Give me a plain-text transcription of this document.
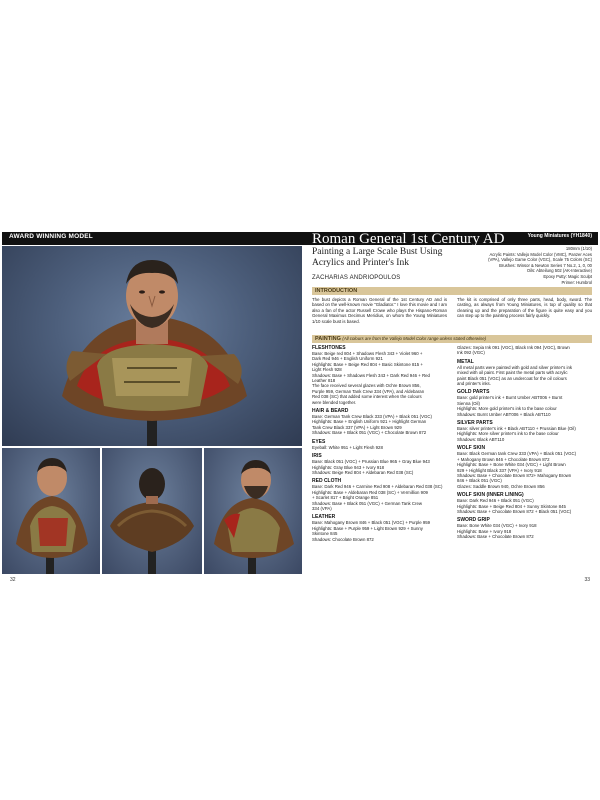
AWARD WINNING MODEL
32
Roman General 1st Century AD	Young Miniatures (YH1840)
180mm (1/10)
Acrylic Paints: Vallejo Model Color (VMC), Panzer Aces
(VPA), Vallejo Game Color (VGC), Scale 75 Colors (SC)
Brushes: Winsor & Newton Series 7 No.2, 1, 0, 00
Oils: Abteilung 502 (AK-Interactive)
Epoxy Putty: Magic Sculpt
Primer: Humbrol
Painting a Large Scale Bust Using Acrylics and Printer's Ink
ZACHARIAS ANDRIOPOULOS
INTRODUCTION
The bust depicts a Roman General of the 1st Century AD and is based on the well-known movie "Gladiator." I love this movie and I am also a fan of the actor Russell Crowe who plays the Hispano-Roman General Maximus Decimus Meridius, on whom the Young Miniatures 1/10 scale bust is based.
The kit is comprised of only three parts, head, body, sword. The casting, as always from Young Miniatures, is top of quality so that cleaning up and the preparation of the figure is quite easy and you can step up to the painting process fairly quickly.
PAINTING (All colours are from the Vallejo Model Color range unless stated otherwise)
FLESHTONES
Base: Beige red 804 + Shadows Flesh 343 + Violet 960 +
Dark Red 946 + English Uniform 921
Highlights: Base + Beige Red 804 + Basic Skintone 815 +
Light Flesh 928
Shadows: Base + Shadows Flesh 343 + Dark Red 946 + Red
Leather 818
The face received several glazes with Ochre Brown 856,
Purple 959, German Tank Crew 334 (VPA), and Aldebaran
Red 038 (SC) that added some interest when the colours
were blended together.
HAIR & BEARD
Base: German Tank Crew Black 333 (VPA) + Black 051 (VGC)
Highlights: Base + English Uniform 921 + Highlight German
Tank Crew Black 337 (VPA) + Light Brown 929
Shadows: Base + Black 051 (VGC) + Chocolate Brown 872
EYES
Eyeball: White 951 + Light Flesh 928
IRIS
Base: Black 051 (VGC) + Prussian Blue 965 + Gray Blue 943
Highlights: Gray Blue 943 + Ivory 918
Shadows: Beige Red 804 + Aldebaran Red 038 (SC)
RED CLOTH
Base: Dark Red 946 + Carmine Red 908 + Aldebaran Red 038 (SC)
Highlights: Base + Aldebaran Red 038 (SC) + Vermillion 909
+ Scarlet 817 + Bright Orange 851
Shadows: Base + Black 051 (VGC) + German Tank Crew
334 (VPA)
LEATHER
Base: Mahogany Brown 846 + Black 051 (VGC) + Purple 959
Highlights: Base + Purple 959 + Light Brown 929 + Sunny
Skintone 845
Shadows: Chocolate Brown 872
Glazes: Sepia Ink 091 (VGC), Black Ink 094 (VGC), Brown
Ink 092 (VGC)
METAL
All metal parts were painted with gold and silver printer's ink
mixed with oil paint. First paint the metal parts with acrylic
paint Black 051 (VGC) as an undercoat for the oil colours
and printer's inks.
GOLD PARTS
Base: gold printer's ink + Burnt Umber ABT006 + Burnt
Sienna (Oil)
Highlights: More gold printer's ink to the base colour
Shadows: Burnt Umber ABT006 + Black ABT110
SILVER PARTS
Base: silver printer's ink + Black ABT110 + Prussian Blue (Oil)
Highlights: More silver printer's ink to the base colour
Shadows: Black ABT110
WOLF SKIN
Base: Black German tank Crew 333 (VPA) + Black 051 (VGC)
+ Mahogany Brown 846 + Chocolate Brown 872
Highlights: Base + Bone White 034 (VGC) + Light Brown
929 + Highlight Black 337 (VPA) + Ivory 918
Shadows: Base + Chocolate Brown 872+ Mahogany Brown
846 + Black 051 (VGC)
Glazes: Saddle Brown 940, Ochre Brown 856
WOLF SKIN (INNER LINING)
Base: Dark Red 946 + Black 051 (VGC)
Highlights: Base + Beige Red 804 + Sunny Skintone 845
Shadows: Base + Chocolate Brown 872 + Black 051 (VGC)
SWORD GRIP
Base: Bone White 034 (VGC) + Ivory 918
Highlights: Base + Ivory 918
Shadows: Base + Chocolate Brown 872
33
